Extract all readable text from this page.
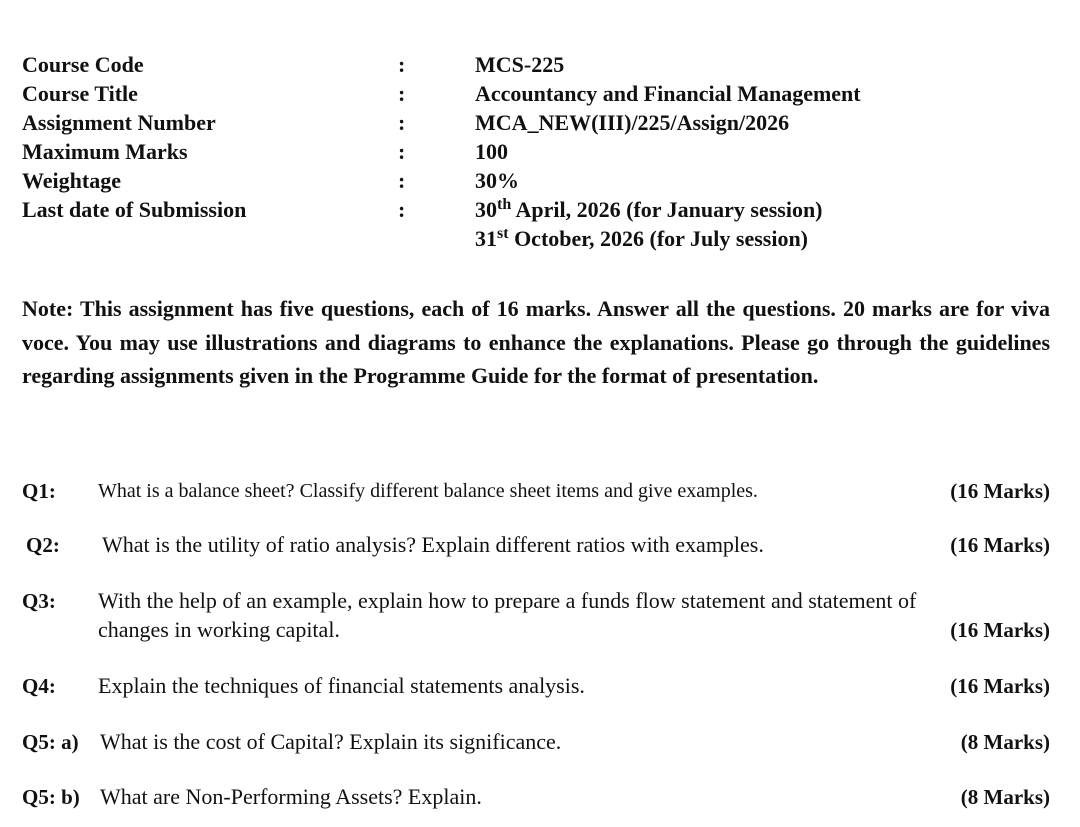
Course Code	:	MCS-225
Course Title	:	Accountancy and Financial Management
Assignment Number	:	MCA_NEW(III)/225/Assign/2026
Maximum Marks	:	100
Weightage	:	30%
Last date of Submission	:	30th April, 2026 (for January session)
31st October, 2026 (for July session)

Note: This assignment has five questions, each of 16 marks. Answer all the questions. 20 marks are for viva voce. You may use illustrations and diagrams to enhance the explanations. Please go through the guidelines regarding assignments given in the Programme Guide for the format of presentation.

Q1: What is a balance sheet? Classify different balance sheet items and give examples.	(16 Marks)
Q2: What is the utility of ratio analysis? Explain different ratios with examples.	(16 Marks)
Q3: With the help of an example, explain how to prepare a funds flow statement and statement of
changes in working capital.	(16 Marks)
Q4: Explain the techniques of financial statements analysis.	(16 Marks)
Q5: a) What is the cost of Capital? Explain its significance.	(8 Marks)
Q5: b) What are Non-Performing Assets? Explain.	(8 Marks)
